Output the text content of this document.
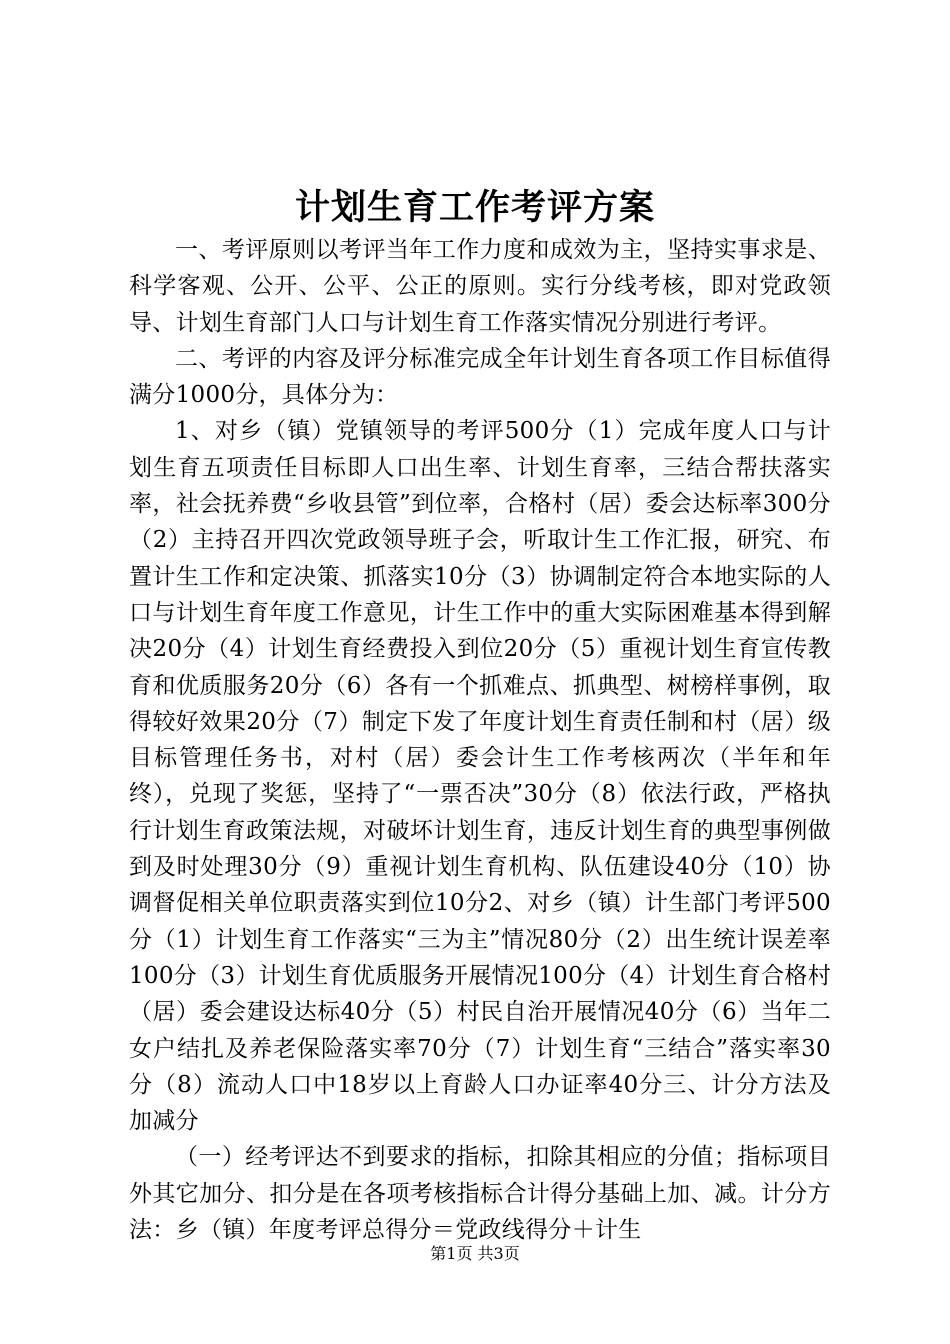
计划生育工作考评方案

一、考评原则以考评当年工作力度和成效为主，坚持实事求是、科学客观、公开、公平、公正的原则。实行分线考核，即对党政领导、计划生育部门人口与计划生育工作落实情况分别进行考评。

二、考评的内容及评分标准完成全年计划生育各项工作目标值得满分1000分，具体分为：

1、对乡（镇）党镇领导的考评500分（1）完成年度人口与计划生育五项责任目标即人口出生率、计划生育率，三结合帮扶落实率，社会抚养费“乡收县管”到位率，合格村（居）委会达标率300分（2）主持召开四次党政领导班子会，听取计生工作汇报，研究、布置计生工作和定决策、抓落实10分（3）协调制定符合本地实际的人口与计划生育年度工作意见，计生工作中的重大实际困难基本得到解决20分（4）计划生育经费投入到位20分（5）重视计划生育宣传教育和优质服务20分（6）各有一个抓难点、抓典型、树榜样事例，取得较好效果20分（7）制定下发了年度计划生育责任制和村（居）级目标管理任务书，对村（居）委会计生工作考核两次（半年和年终），兑现了奖惩，坚持了“一票否决”30分（8）依法行政，严格执行计划生育政策法规，对破坏计划生育，违反计划生育的典型事例做到及时处理30分（9）重视计划生育机构、队伍建设40分（10）协调督促相关单位职责落实到位10分2、对乡（镇）计生部门考评500分（1）计划生育工作落实“三为主”情况80分（2）出生统计误差率100分（3）计划生育优质服务开展情况100分（4）计划生育合格村（居）委会建设达标40分（5）村民自治开展情况40分（6）当年二女户结扎及养老保险落实率70分（7）计划生育“三结合”落实率30分（8）流动人口中18岁以上育龄人口办证率40分三、计分方法及加减分

（一）经考评达不到要求的指标，扣除其相应的分值；指标项目外其它加分、扣分是在各项考核指标合计得分基础上加、减。计分方法：乡（镇）年度考评总得分＝党政线得分＋计生

第1页 共3页
